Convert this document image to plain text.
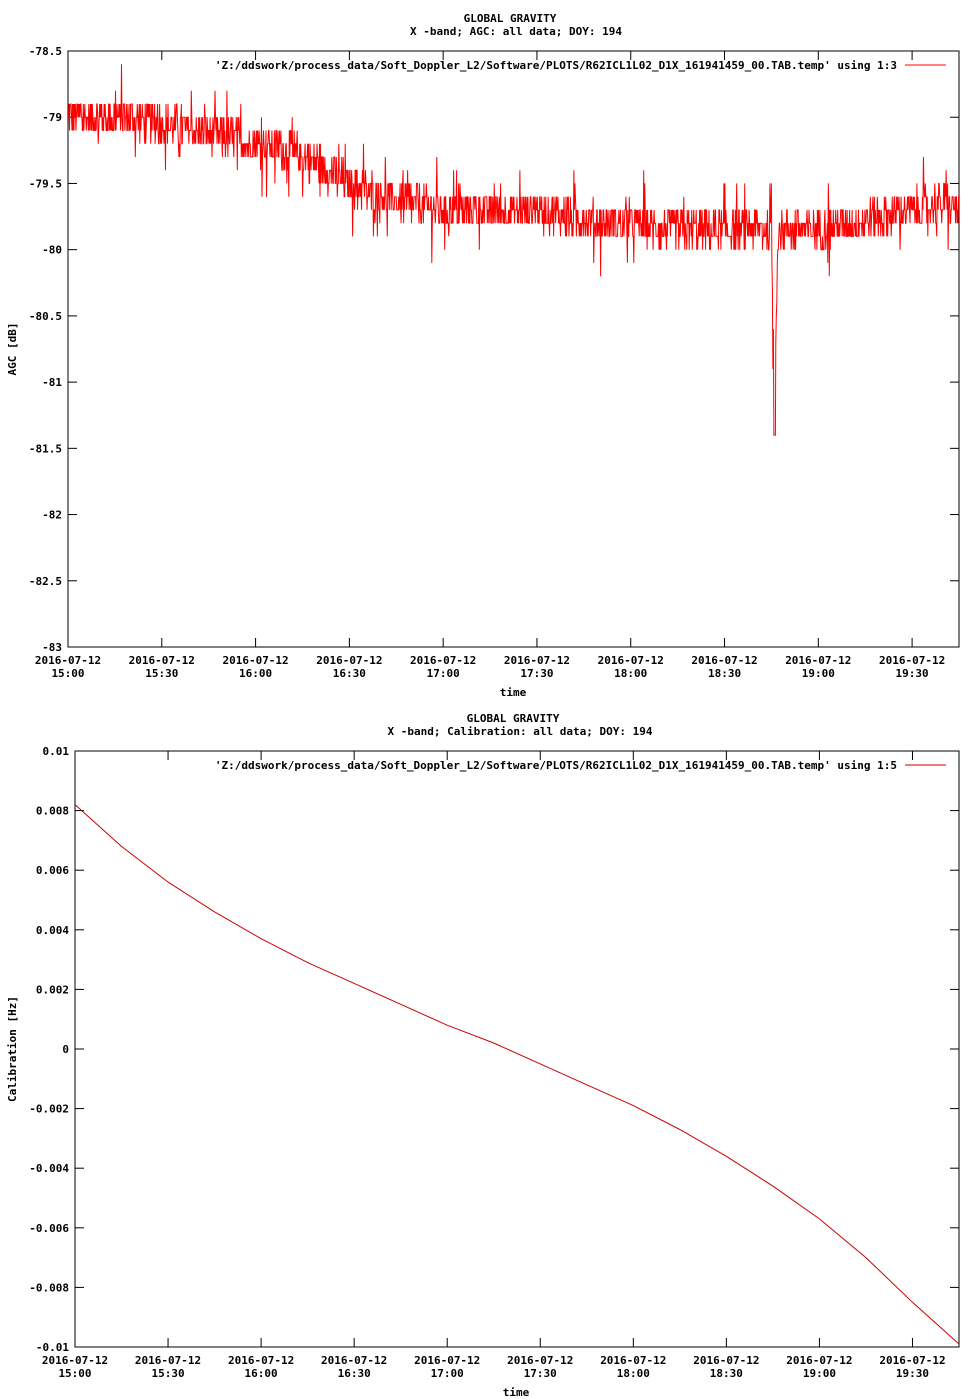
GLOBAL GRAVITY
X -band; AGC: all data; DOY: 194
-78.5
-79
-79.5
-80
-80.5
-81
-81.5
-82
-82.5
-83
2016-07-12
15:00
2016-07-12
15:30
2016-07-12
16:00
2016-07-12
16:30
2016-07-12
17:00
2016-07-12
17:30
2016-07-12
18:00
2016-07-12
18:30
2016-07-12
19:00
2016-07-12
19:30
AGC [dB]
time
'Z:/ddswork/process_data/Soft_Doppler_L2/Software/PLOTS/R62ICL1L02_D1X_161941459_00.TAB.temp' using 1:3
GLOBAL GRAVITY
X -band; Calibration: all data; DOY: 194
0.01
0.008
0.006
0.004
0.002
0
-0.002
-0.004
-0.006
-0.008
-0.01
2016-07-12
15:00
2016-07-12
15:30
2016-07-12
16:00
2016-07-12
16:30
2016-07-12
17:00
2016-07-12
17:30
2016-07-12
18:00
2016-07-12
18:30
2016-07-12
19:00
2016-07-12
19:30
Calibration [Hz]
time
'Z:/ddswork/process_data/Soft_Doppler_L2/Software/PLOTS/R62ICL1L02_D1X_161941459_00.TAB.temp' using 1:5
